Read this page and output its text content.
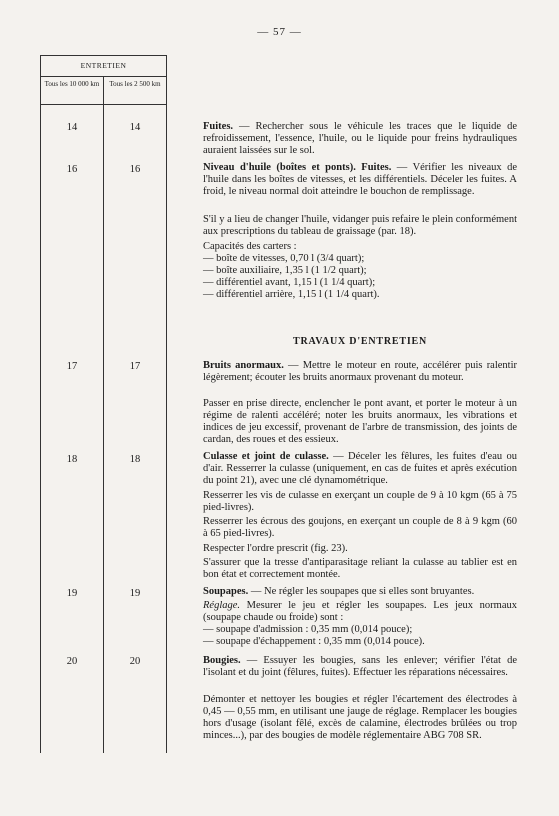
— 57 —
ENTRETIEN
Tous les 10 000 km	Tous les 2 500 km
14	14
16	16
17	17
18	18
19	19
20	20

Fuites. — Rechercher sous le véhicule les traces que le liquide de refroidissement, l'essence, l'huile, ou le liquide pour freins hydrauliques auraient laissées sur le sol.

Niveau d'huile (boîtes et ponts). Fuites. — Vérifier les niveaux de l'huile dans les boîtes de vitesses, et les différentiels. Déceler les fuites. A froid, le niveau normal doit atteindre le bouchon de remplissage.

S'il y a lieu de changer l'huile, vidanger puis refaire le plein conformément aux prescriptions du tableau de graissage (par. 18).

Capacités des carters :

— boîte de vitesses, 0,70 l (3/4 quart);
— boîte auxiliaire, 1,35 l (1 1/2 quart);
— différentiel avant, 1,15 l (1 1/4 quart);
— différentiel arrière, 1,15 l (1 1/4 quart).
TRAVAUX D'ENTRETIEN

Bruits anormaux. — Mettre le moteur en route, accélérer puis ralentir légèrement; écouter les bruits anormaux provenant du moteur.

Passer en prise directe, enclencher le pont avant, et porter le moteur à un régime de ralenti accéléré; noter les bruits anormaux, les vibrations et indices de jeu excessif, provenant de l'arbre de transmission, des joints de cardan, des roues et des essieux.

Culasse et joint de culasse. — Déceler les fêlures, les fuites d'eau ou d'air. Resserrer la culasse (uniquement, en cas de fuites et après exécution du point 21), avec une clé dynamométrique.

Resserrer les vis de culasse en exerçant un couple de 9 à 10 kgm (65 à 75 pied-livres).

Resserrer les écrous des goujons, en exerçant un couple de 8 à 9 kgm (60 à 65 pied-livres).

Respecter l'ordre prescrit (fig. 23).

S'assurer que la tresse d'antiparasitage reliant la culasse au tablier est en bon état et correctement montée.

Soupapes. — Ne régler les soupapes que si elles sont bruyantes.

Réglage. Mesurer le jeu et régler les soupapes. Les jeux normaux (soupape chaude ou froide) sont :

— soupape d'admission : 0,35 mm (0,014 pouce);
— soupape d'échappement : 0,35 mm (0,014 pouce).

Bougies. — Essuyer les bougies, sans les enlever; vérifier l'état de l'isolant et du joint (fêlures, fuites). Effectuer les réparations nécessaires.

Démonter et nettoyer les bougies et régler l'écartement des électrodes à 0,45 — 0,55 mm, en utilisant une jauge de réglage. Remplacer les bougies hors d'usage (isolant fêlé, excès de calamine, électrodes brûlées ou trop minces...), par des bougies de modèle réglementaire ABG 708 SR.
